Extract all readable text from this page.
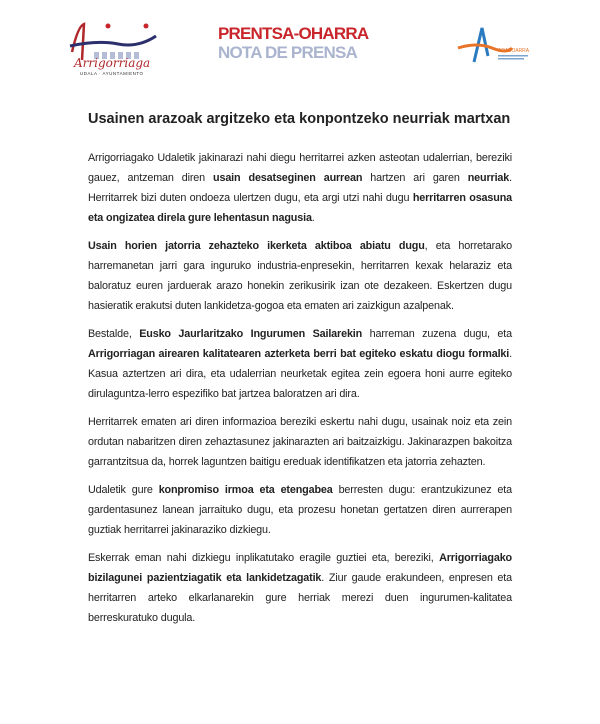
Arrigorriaga
UDALA · AYUNTAMIENTO
PRENTSA-OHARRA
NOTA DE PRENSA	ARAZOARRA
Usainen arazoak argitzeko eta konpontzeko neurriak martxan

Arrigorriagako Udaletik jakinarazi nahi diegu herritarrei azken asteotan udalerrian, bereziki gauez, antzeman diren usain desatseginen aurrean hartzen ari garen neurriak. Herritarrek bizi duten ondoeza ulertzen dugu, eta argi utzi nahi dugu herritarren osasuna eta ongizatea direla gure lehentasun nagusia.

Usain horien jatorria zehazteko ikerketa aktiboa abiatu dugu, eta horretarako harremanetan jarri gara inguruko industria-enpresekin, herritarren kexak helaraziz eta baloratuz euren jarduerak arazo honekin zerikusirik izan ote dezakeen. Eskertzen dugu hasieratik erakutsi duten lankidetza-gogoa eta ematen ari zaizkigun azalpenak.

Bestalde, Eusko Jaurlaritzako Ingurumen Sailarekin harreman zuzena dugu, eta Arrigorriagan airearen kalitatearen azterketa berri bat egiteko eskatu diogu formalki. Kasua aztertzen ari dira, eta udalerrian neurketak egitea zein egoera honi aurre egiteko dirulaguntza-lerro espezifiko bat jartzea baloratzen ari dira.

Herritarrek ematen ari diren informazioa bereziki eskertu nahi dugu, usainak noiz eta zein ordutan nabaritzen diren zehaztasunez jakinarazten ari baitzaizkigu. Jakinarazpen bakoitza garrantzitsua da, horrek laguntzen baitigu ereduak identifikatzen eta jatorria zehazten.

Udaletik gure konpromiso irmoa eta etengabea berresten dugu: erantzukizunez eta gardentasunez lanean jarraituko dugu, eta prozesu honetan gertatzen diren aurrerapen guztiak herritarrei jakinaraziko dizkiegu.

Eskerrak eman nahi dizkiegu inplikatutako eragile guztiei eta, bereziki, Arrigorriagako bizilagunei pazientziagatik eta lankidetzagatik. Ziur gaude erakundeen, enpresen eta herritarren arteko elkarlanarekin gure herriak merezi duen ingurumen-kalitatea berreskuratuko dugula.
